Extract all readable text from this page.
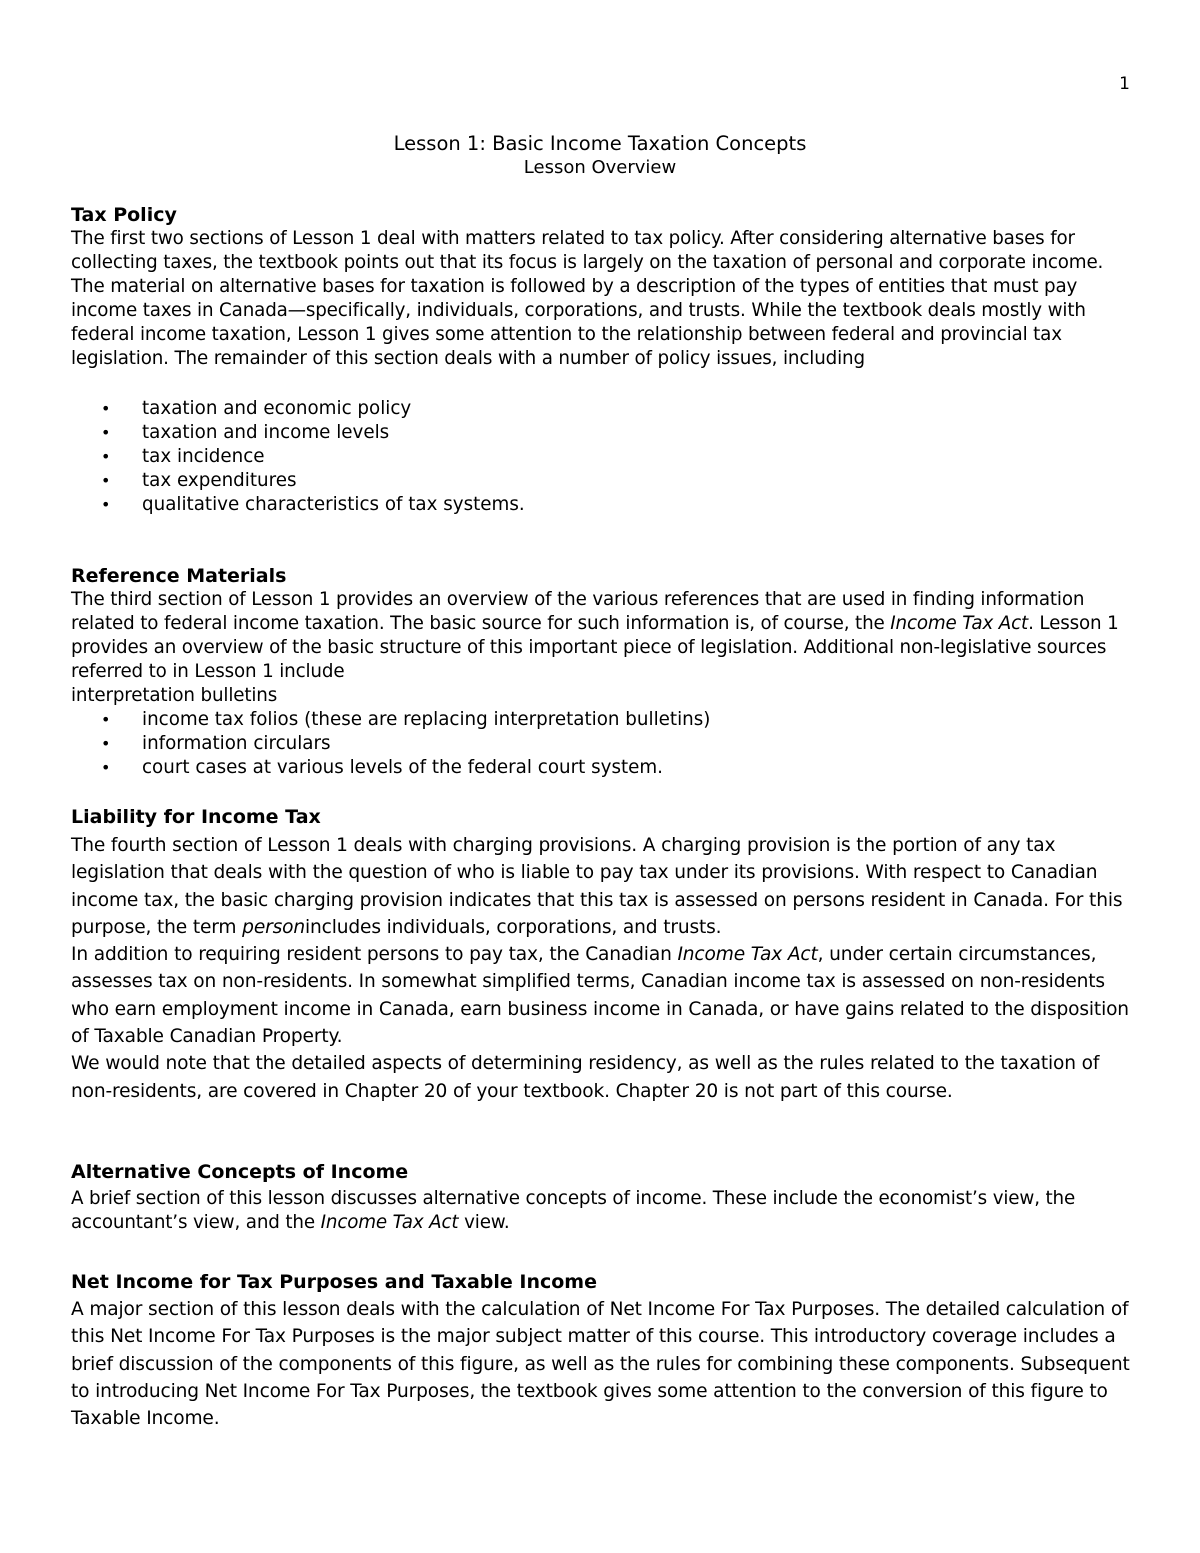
1
Lesson 1: Basic Income Taxation Concepts
Lesson Overview
Tax Policy

The first two sections of Lesson 1 deal with matters related to tax policy. After considering alternative bases for collecting taxes, the textbook points out that its focus is largely on the taxation of personal and corporate income. The material on alternative bases for taxation is followed by a description of the types of entities that must pay income taxes in Canada—specifically, individuals, corporations, and trusts. While the textbook deals mostly with federal income taxation, Lesson 1 gives some attention to the relationship between federal and provincial tax legislation. The remainder of this section deals with a number of policy issues, including

• taxation and economic policy
• taxation and income levels
• tax incidence
• tax expenditures
• qualitative characteristics of tax systems.
Reference Materials

The third section of Lesson 1 provides an overview of the various references that are used in finding information related to federal income taxation. The basic source for such information is, of course, the Income Tax Act. Lesson 1 provides an overview of the basic structure of this important piece of legislation. Additional non-legislative sources referred to in Lesson 1 include

interpretation bulletins

• income tax folios (these are replacing interpretation bulletins)
• information circulars
• court cases at various levels of the federal court system.
Liability for Income Tax

The fourth section of Lesson 1 deals with charging provisions. A charging provision is the portion of any tax legislation that deals with the question of who is liable to pay tax under its provisions. With respect to Canadian income tax, the basic charging provision indicates that this tax is assessed on persons resident in Canada. For this purpose, the term personincludes individuals, corporations, and trusts.

In addition to requiring resident persons to pay tax, the Canadian Income Tax Act, under certain circumstances, assesses tax on non-residents. In somewhat simplified terms, Canadian income tax is assessed on non-residents who earn employment income in Canada, earn business income in Canada, or have gains related to the disposition of Taxable Canadian Property.

We would note that the detailed aspects of determining residency, as well as the rules related to the taxation of non-residents, are covered in Chapter 20 of your textbook. Chapter 20 is not part of this course.

Alternative Concepts of Income

A brief section of this lesson discusses alternative concepts of income. These include the economist’s view, the accountant’s view, and the Income Tax Act view.

Net Income for Tax Purposes and Taxable Income

A major section of this lesson deals with the calculation of Net Income For Tax Purposes. The detailed calculation of this Net Income For Tax Purposes is the major subject matter of this course. This introductory coverage includes a brief discussion of the components of this figure, as well as the rules for combining these components. Subsequent to introducing Net Income For Tax Purposes, the textbook gives some attention to the conversion of this figure to Taxable Income.
